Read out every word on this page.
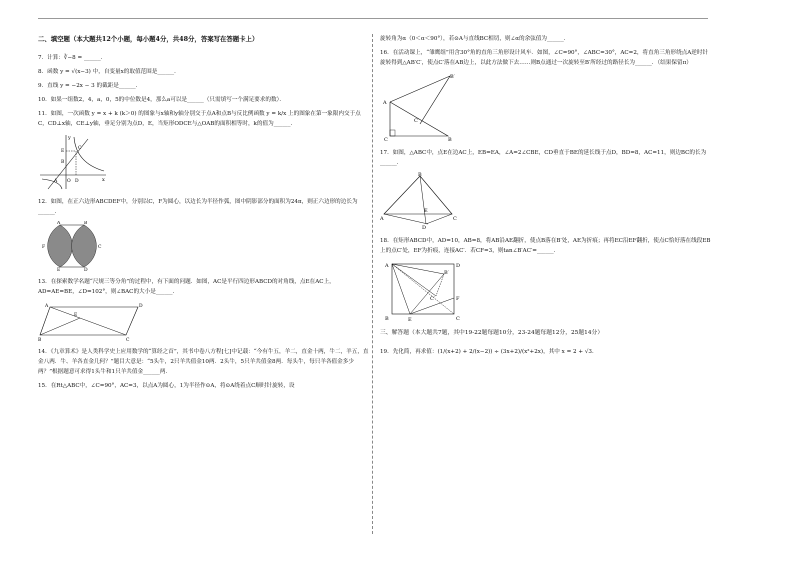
二、填空题（本大题共12个小题，每小题4分，共48分，答案写在答题卡上）

7．计算：∛−8 = ______．

8．函数 y = √(x−3) 中，自变量x的取值范围是______．

9．直线 y = −2x − 3 的截距是______．

10．如果一组数2，4，a，0，5的中位数是4，那么a可以是______（只需填写一个满足要求的数）．

11．如图，一次函数 y = x + k (k＞0) 的图象与x轴和y轴分别交于点A和点B与反比例函数 y = k/x 上的图象在第一象限内交于点C，CD⊥x轴，CE⊥y轴，垂足分别为点D，E，当矩形ODCE与△OAB的面积相等时，k的值为______．

y
x
A O D
C
E
B

12．如图，在正六边形ABCDEF中，分别以C，F为圆心，以边长为半径作弧，图中阴影部分的面积为24π，则正六边形的边长为______．

A	B
C
D
E
F

13．在探索数学名题“尺规三等分角”的过程中，有下面的问题．如图，AC是平行四边形ABCD的对角线，点E在AC上，AD=AE=BE，∠D=102°，则∠BAC的大小是______．

A	D
B	C
E

14．《九章算术》是人类科学史上应用数学的“算经之首”，其书中卷八方程[七]中记载：“今有牛五，羊二，直金十两，牛二，羊五，直金八两．牛、羊各直金几何？”题目大意是：“5头牛，2只羊共值金10两．2头牛，5只羊共值金8两．每头牛，每只羊各值金多少两？”根据题意可求得1头牛和1只羊共值金______两．

15．在Rt△ABC中，∠C=90°，AC=3，以点A为圆心，1为半径作⊙A，将⊙A绕着点C顺时针旋转，设

旋转角为α（0＜α＜90°），若⊙A与直线BC相切，则∠α的余弦值为______．

16．在活动课上，“雏鹰组”用含30°角的直角三角形设计风车．如图，∠C=90°，∠ABC=30°，AC=2，将直角三角形绕点A逆时针旋转得到△AB′C′，使点C′落在AB边上，以此方法做下去……则B点通过一次旋转至B′所经过的路径长为______．（结果保留π）

A
C	B
B′
C′

17．如图，△ABC中，点E在边AC上，EB=EA，∠A=2∠CBE，CD垂直于BE的延长线于点D，BD=8，AC=11，则边BC的长为______．

B
A	C
E
D

18．在矩形ABCD中，AD=10，AB=8，将AB沿AE翻折，使点B落在B′处，AE为折痕；再将EC沿EF翻折，使点C恰好落在线段EB上的点C′处，EF为折痕，连接AC′．若CF=3，则tan∠B′AC′=______．

A	D
B	E	C
F
B′
C′

三、解答题（本大题共7题，其中19-22题每题10分，23-24题每题12分，25题14分）

19．先化简，再求值：(1/(x+2) + 2/(x−2)) ÷ (3x+2)/(x²+2x)，其中 x = 2 + √3．
